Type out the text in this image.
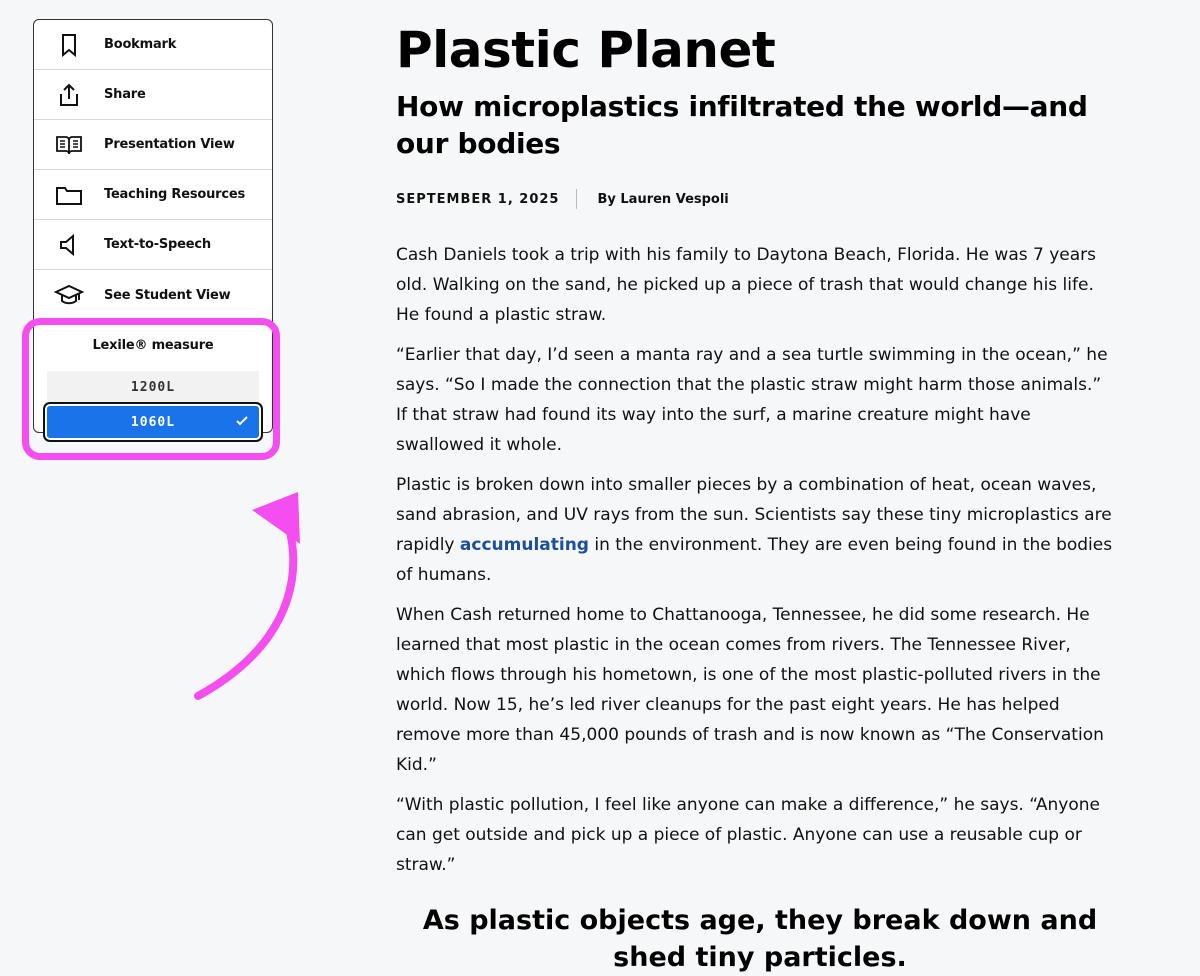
Bookmark
Share
Presentation View
Teaching Resources
Text-to-Speech
See Student View
Lexile® measure
1200L
1060L
Plastic Planet
How microplastics infiltrated the world—and our bodies
SEPTEMBER 1, 2025	By Lauren Vespoli

Cash Daniels took a trip with his family to Daytona Beach, Florida. He was 7 years old. Walking on the sand, he picked up a piece of trash that would change his life. He found a plastic straw.

“Earlier that day, I’d seen a manta ray and a sea turtle swimming in the ocean,” he says. “So I made the connection that the plastic straw might harm those animals.” If that straw had found its way into the surf, a marine creature might have swallowed it whole.

Plastic is broken down into smaller pieces by a combination of heat, ocean waves, sand abrasion, and UV rays from the sun. Scientists say these tiny microplastics are rapidly accumulating in the environment. They are even being found in the bodies of humans.

When Cash returned home to Chattanooga, Tennessee, he did some research. He learned that most plastic in the ocean comes from rivers. The Tennessee River, which flows through his hometown, is one of the most plastic-polluted rivers in the world. Now 15, he’s led river cleanups for the past eight years. He has helped remove more than 45,000 pounds of trash and is now known as “The Conservation Kid.”

“With plastic pollution, I feel like anyone can make a difference,” he says. “Anyone can get outside and pick up a piece of plastic. Anyone can use a reusable cup or straw.”

As plastic objects age, they break down and shed tiny particles.
